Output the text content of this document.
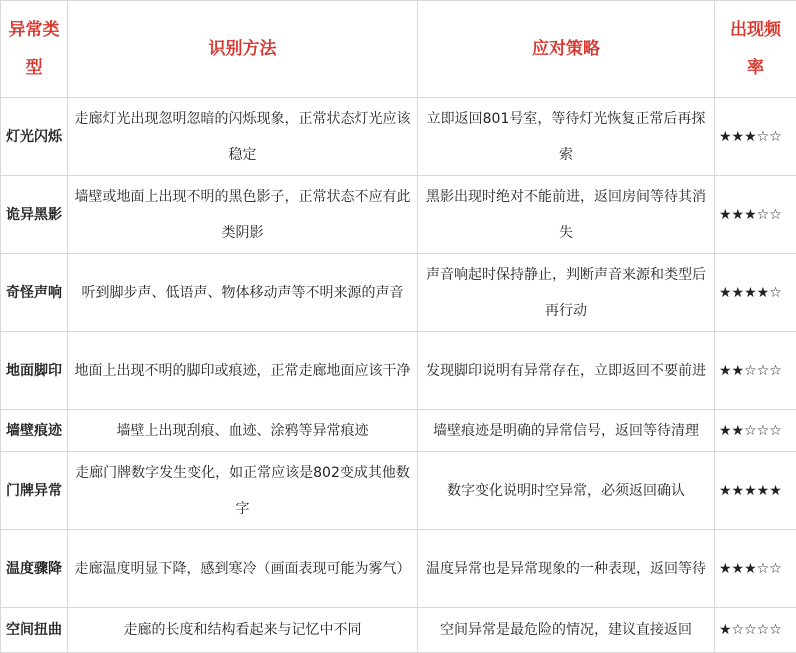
异常类型	识别方法	应对策略	出现频率
灯光闪烁	走廊灯光出现忽明忽暗的闪烁现象，正常状态灯光应该稳定	立即返回801号室，等待灯光恢复正常后再探索	★★★☆☆
诡异黑影	墙壁或地面上出现不明的黑色影子，正常状态不应有此类阴影	黑影出现时绝对不能前进，返回房间等待其消失	★★★☆☆
奇怪声响	听到脚步声、低语声、物体移动声等不明来源的声音	声音响起时保持静止，判断声音来源和类型后再行动	★★★★☆
地面脚印	地面上出现不明的脚印或痕迹，正常走廊地面应该干净	发现脚印说明有异常存在，立即返回不要前进	★★☆☆☆
墙壁痕迹	墙壁上出现刮痕、血迹、涂鸦等异常痕迹	墙壁痕迹是明确的异常信号，返回等待清理	★★☆☆☆
门牌异常	走廊门牌数字发生变化，如正常应该是802变成其他数字	数字变化说明时空异常，必须返回确认	★★★★★
温度骤降	走廊温度明显下降，感到寒冷（画面表现可能为雾气）	温度异常也是异常现象的一种表现，返回等待	★★★☆☆
空间扭曲	走廊的长度和结构看起来与记忆中不同	空间异常是最危险的情况，建议直接返回	★☆☆☆☆
